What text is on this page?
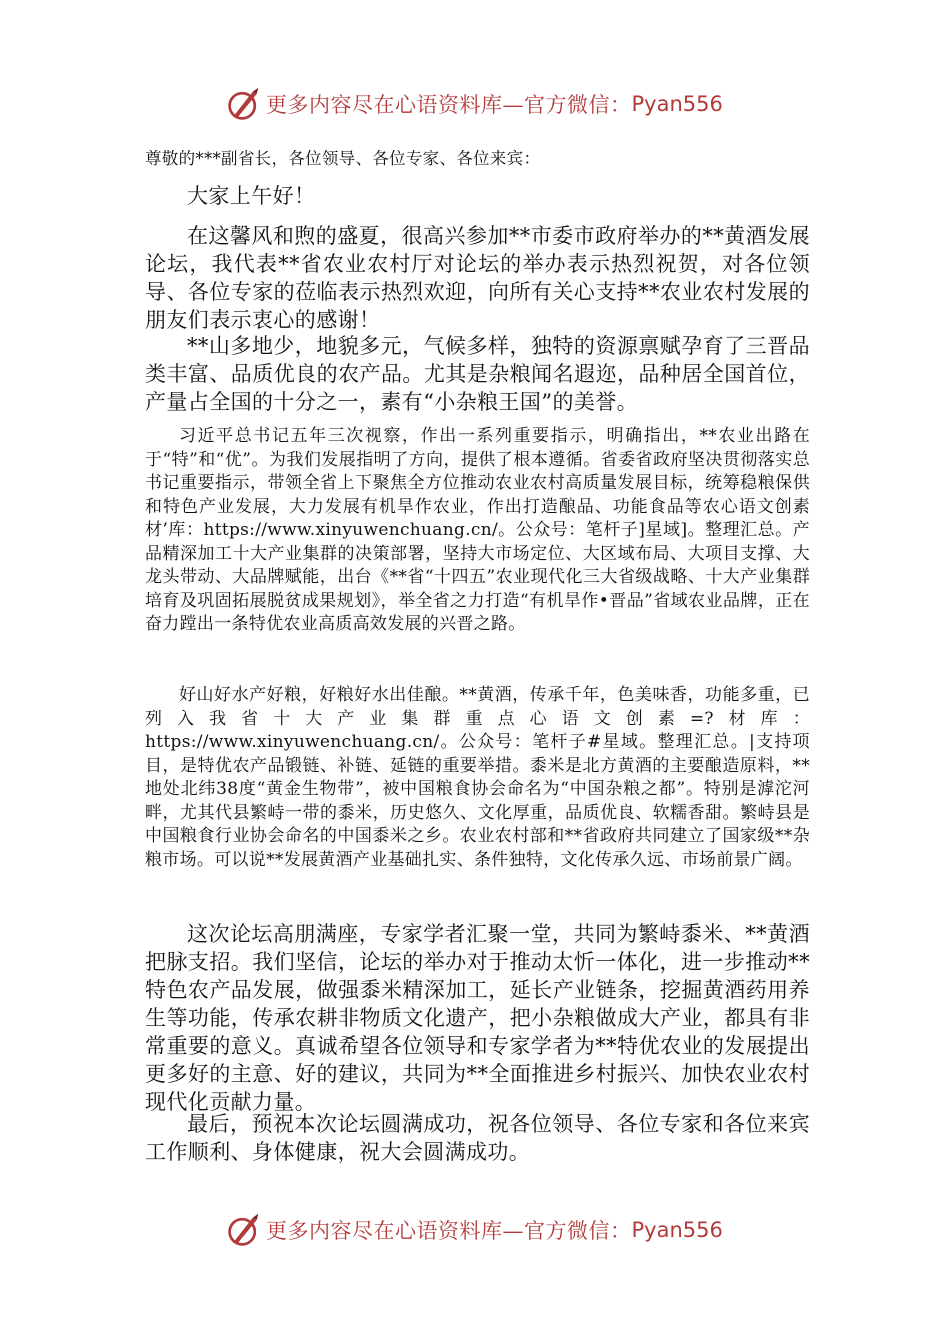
更多内容尽在心语资料库—官方微信： Pyan556
尊敬的***副省长，各位领导、各位专家、各位来宾：

大家上午好！

在这馨风和煦的盛夏，很高兴参加**市委市政府举办的**黄酒发展论坛，我代表**省农业农村厅对论坛的举办表示热烈祝贺，对各位领导、各位专家的莅临表示热烈欢迎，向所有关心支持**农业农村发展的朋友们表示衷心的感谢！

**山多地少，地貌多元，气候多样，独特的资源禀赋孕育了三晋品类丰富、品质优良的农产品。尤其是杂粮闻名遐迩，品种居全国首位，产量占全国的十分之一，素有“小杂粮王国”的美誉。

习近平总书记五年三次视察，作出一系列重要指示，明确指出，**农业出路在于“特”和“优”。为我们发展指明了方向，提供了根本遵循。省委省政府坚决贯彻落实总书记重要指示，带领全省上下聚焦全方位推动农业农村高质量发展目标，统筹稳粮保供和特色产业发展，大力发展有机旱作农业，作出打造酿品、功能食品等农心语文创素材’库：https://www.xinyuwenchuang.cn/。公众号：笔杆子]星域]。整理汇总。产品精深加工十大产业集群的决策部署，坚持大市场定位、大区域布局、大项目支撑、大龙头带动、大品牌赋能，出台《**省“十四五”农业现代化三大省级战略、十大产业集群培育及巩固拓展脱贫成果规划》，举全省之力打造“有机旱作•晋品”省域农业品牌，正在奋力蹚出一条特优农业高质高效发展的兴晋之路。

好山好水产好粮，好粮好水出佳酿。**黄酒，传承千年，色美味香，功能多重，已列入我省十大产业集群重点心语文创素=?材库：https://www.xinyuwenchuang.cn/。公众号：笔杆子#星域。整理汇总。|支持项目，是特优农产品锻链、补链、延链的重要举措。黍米是北方黄酒的主要酿造原料，**地处北纬38度“黄金生物带”，被中国粮食协会命名为“中国杂粮之都”。特别是滹沱河畔，尤其代县繁峙一带的黍米，历史悠久、文化厚重，品质优良、软糯香甜。繁峙县是中国粮食行业协会命名的中国黍米之乡。农业农村部和**省政府共同建立了国家级**杂粮市场。可以说**发展黄酒产业基础扎实、条件独特，文化传承久远、市场前景广阔。

这次论坛高朋满座，专家学者汇聚一堂，共同为繁峙黍米、**黄酒把脉支招。我们坚信，论坛的举办对于推动太忻一体化，进一步推动**特色农产品发展，做强黍米精深加工，延长产业链条，挖掘黄酒药用养生等功能，传承农耕非物质文化遗产，把小杂粮做成大产业，都具有非常重要的意义。真诚希望各位领导和专家学者为**特优农业的发展提出更多好的主意、好的建议，共同为**全面推进乡村振兴、加快农业农村现代化贡献力量。

最后，预祝本次论坛圆满成功，祝各位领导、各位专家和各位来宾工作顺利、身体健康，祝大会圆满成功。

更多内容尽在心语资料库—官方微信： Pyan556
